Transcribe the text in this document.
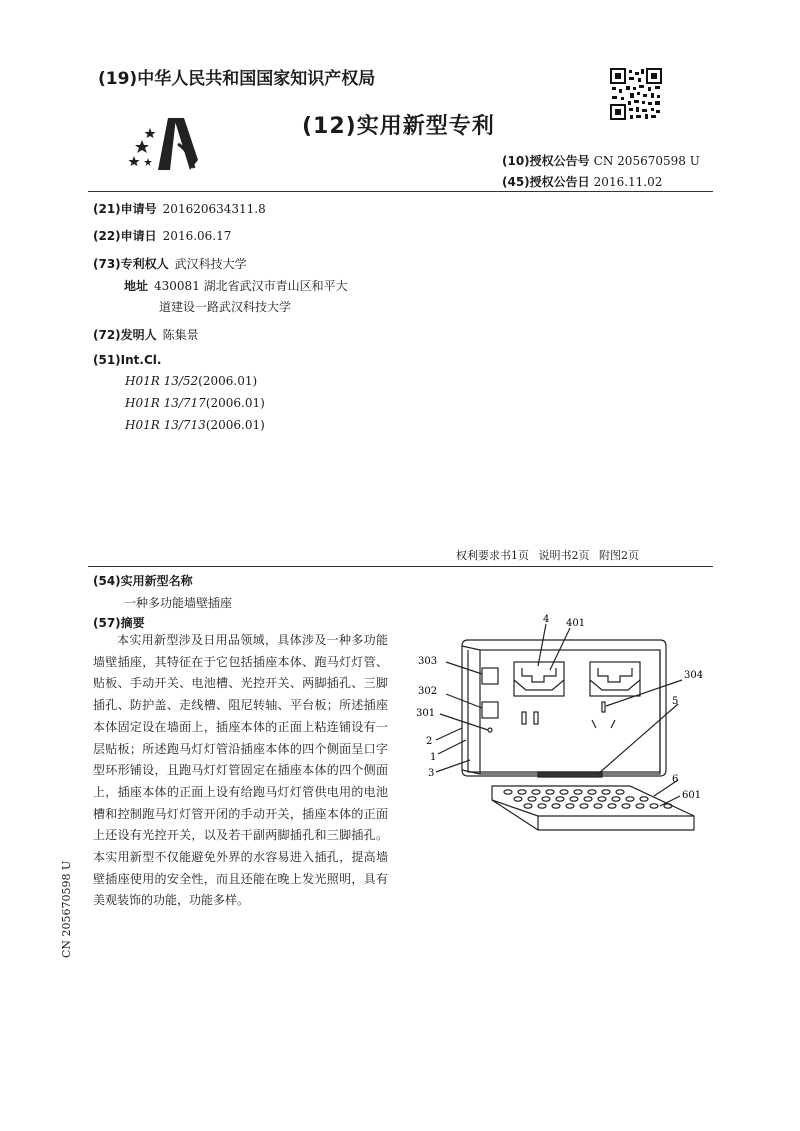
(19)中华人民共和国国家知识产权局
(12)实用新型专利
(10)授权公告号 CN 205670598 U
(45)授权公告日 2016.11.02
(21)申请号 201620634311.8
(22)申请日 2016.06.17
(73)专利权人 武汉科技大学
地址 430081 湖北省武汉市青山区和平大
道建设一路武汉科技大学
(72)发明人 陈集景
(51)Int.Cl.
H01R 13/52(2006.01)
H01R 13/717(2006.01)
H01R 13/713(2006.01)
权利要求书1页 说明书2页 附图2页
(54)实用新型名称
一种多功能墙壁插座
(57)摘要

本实用新型涉及日用品领域，具体涉及一种多功能墙壁插座，其特征在于它包括插座本体、跑马灯灯管、贴板、手动开关、电池槽、光控开关、两脚插孔、三脚插孔、防护盖、走线槽、阻尼转轴、平台板；所述插座本体固定设在墙面上，插座本体的正面上粘连铺设有一层贴板；所述跑马灯灯管沿插座本体的四个侧面呈口字型环形铺设，且跑马灯灯管固定在插座本体的四个侧面上，插座本体的正面上设有给跑马灯灯管供电用的电池槽和控制跑马灯灯管开闭的手动开关，插座本体的正面上还设有光控开关，以及若干副两脚插孔和三脚插孔。本实用新型不仅能避免外界的水容易进入插孔，提高墙壁插座使用的安全性，而且还能在晚上发光照明，具有美观装饰的功能，功能多样。

CN 205670598 U
4 401
303
304
302
5
301
2
1
3
6
601
